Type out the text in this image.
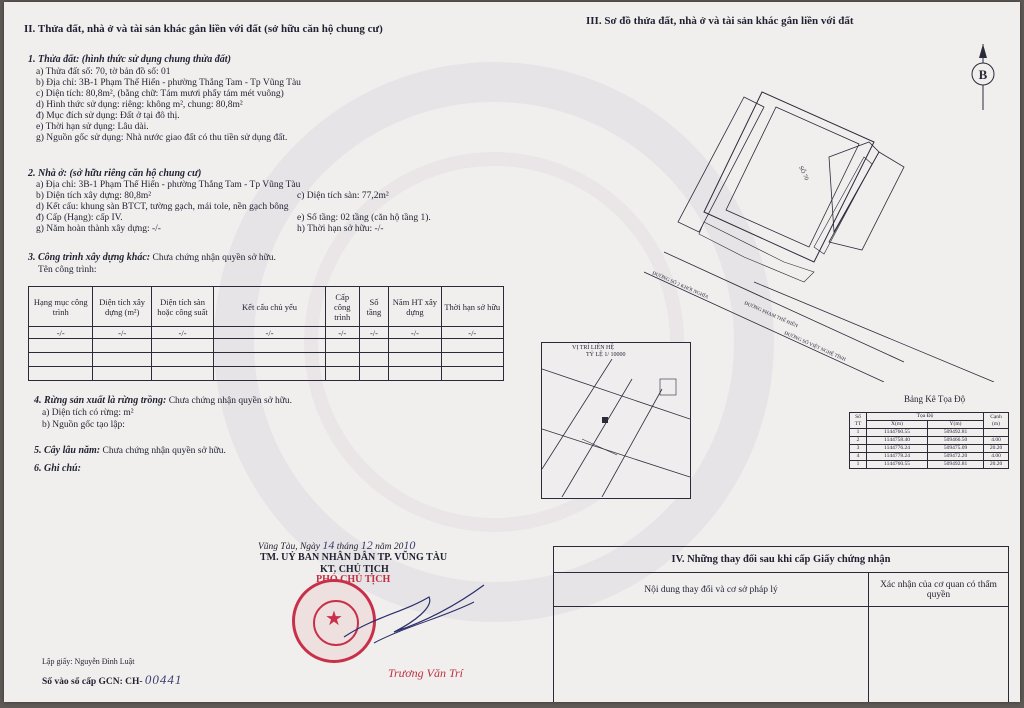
II. Thửa đất, nhà ở và tài sản khác gắn liền với đất (sở hữu căn hộ chung cư)
1. Thửa đất: (hình thức sử dụng chung thửa đất)
a) Thửa đất số: 70, tờ bản đồ số: 01
b) Địa chỉ: 3B-1 Phạm Thế Hiển - phường Thắng Tam - Tp Vũng Tàu
c) Diện tích: 80,8m², (bằng chữ: Tám mươi phẩy tám mét vuông)
d) Hình thức sử dụng: riêng: không m², chung: 80,8m²
đ) Mục đích sử dụng: Đất ở tại đô thị.
e) Thời hạn sử dụng: Lâu dài.
g) Nguồn gốc sử dụng: Nhà nước giao đất có thu tiền sử dụng đất.
2. Nhà ở: (sở hữu riêng căn hộ chung cư)
a) Địa chỉ: 3B-1 Phạm Thế Hiển - phường Thắng Tam - Tp Vũng Tàu
b) Diện tích xây dựng: 80,8m²	c) Diện tích sàn: 77,2m²
d) Kết cấu: khung sàn BTCT, tường gạch, mái tole, nền gạch bông
đ) Cấp (Hạng): cấp IV.	e) Số tầng: 02 tầng (căn hộ tầng 1).
g) Năm hoàn thành xây dựng: -/-	h) Thời hạn sở hữu: -/-
3. Công trình xây dựng khác: Chưa chứng nhận quyền sở hữu.
Tên công trình:
Hạng mục công trình	Diện tích xây dựng (m²)	Diện tích sàn hoặc công suất	Kết cấu chủ yếu	Cấp công trình	Số tầng	Năm HT xây dựng	Thời hạn sở hữu
-/-	-/-	-/-	-/-	-/-	-/-	-/-	-/-

4. Rừng sản xuất là rừng trồng: Chưa chứng nhận quyền sở hữu.
a) Diện tích có rừng: m²
b) Nguồn gốc tạo lập:
5. Cây lâu năm: Chưa chứng nhận quyền sở hữu.
6. Ghi chú:
Vũng Tàu, Ngày 14 tháng 12 năm 2010
TM. UỶ BAN NHÂN DÂN TP. VŨNG TÀU
KT. CHỦ TỊCH
PHÓ CHỦ TỊCH
★
Trương Văn Trí
Lập giấy: Nguyễn Đình Luật
Số vào sổ cấp GCN: CH- 00441
III. Sơ đồ thửa đất, nhà ở và tài sản khác gắn liền với đất
B
SỐ 70
ĐƯỜNG PHẠM THẾ HIỂN
ĐƯỜNG SỐ 2 KHỞI NGHĨA
ĐƯỜNG SỐ VIỆT NGHỆ TĨNH
VỊ TRÍ LIÊN HỆ
TỶ LỆ 1/ 10000
Bảng Kê Tọa Độ
Số TT	Tọa Độ		Cạnh (m)
	X(m)	Y(m)	
1	1144760.55	509492.81	
2	1144758.40	509466.50	4.00
3	1144776.24	509475.09	20.20
4	1144778.24	509472.20	4.00
1	1144760.55	509492.81	20.20
IV. Những thay đổi sau khi cấp Giấy chứng nhận	
Nội dung thay đổi và cơ sở pháp lý	Xác nhận của cơ quan có thẩm quyền
